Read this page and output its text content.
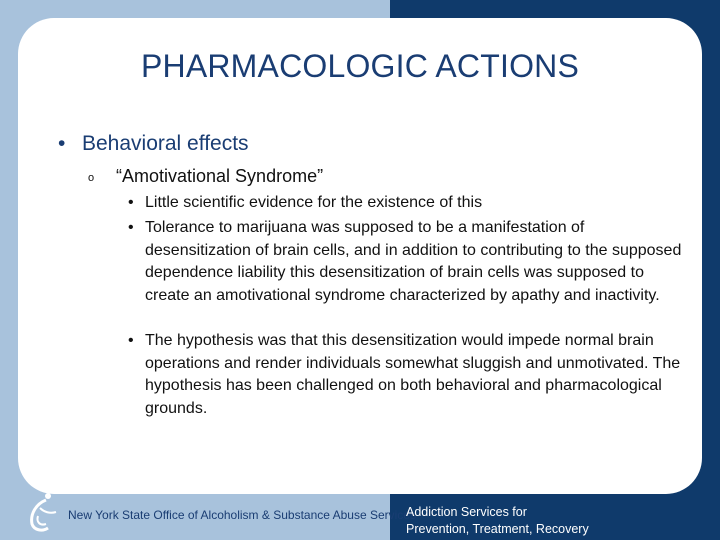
PHARMACOLOGIC ACTIONS
• Behavioral effects
o “Amotivational Syndrome”
• Little scientific evidence for the existence of this
• Tolerance to marijuana was supposed to be a manifestation of desensitization of brain cells, and in addition to contributing to the supposed dependence liability this desensitization of brain cells was supposed to create an amotivational syndrome characterized by apathy and inactivity.
• The hypothesis was that this desensitization would impede normal brain operations and render individuals somewhat sluggish and unmotivated. The hypothesis has been challenged on both behavioral and pharmacological grounds.
New York State Office of Alcoholism & Substance Abuse Services
Addiction Services for
Prevention, Treatment, Recovery
